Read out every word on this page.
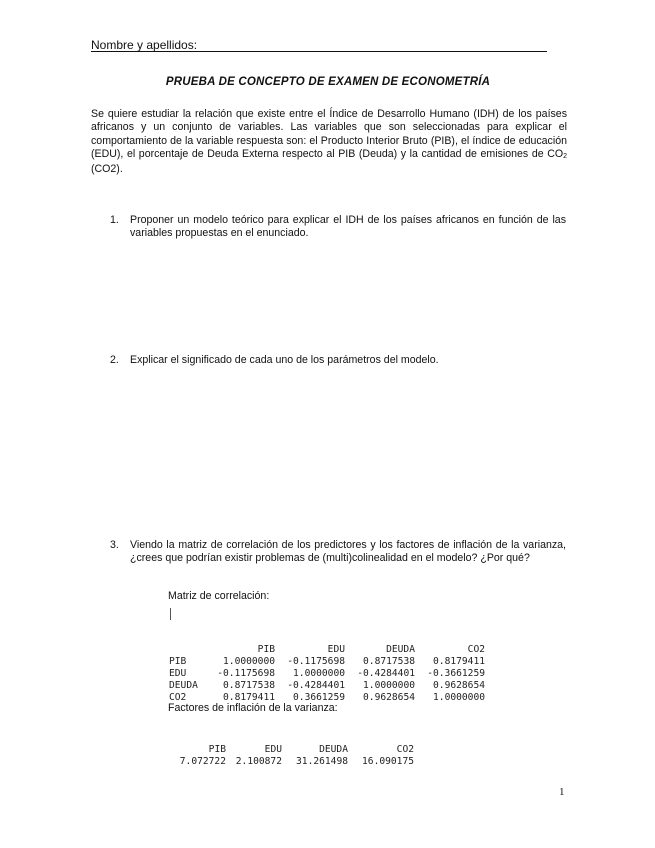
Nombre y apellidos:
PRUEBA DE CONCEPTO DE EXAMEN DE ECONOMETRÍA
Se quiere estudiar la relación que existe entre el Índice de Desarrollo Humano (IDH) de los países africanos y un conjunto de variables. Las variables que son seleccionadas para explicar el comportamiento de la variable respuesta son: el Producto Interior Bruto (PIB), el índice de educación (EDU), el porcentaje de Deuda Externa respecto al PIB (Deuda) y la cantidad de emisiones de $CO_2$ (CO2).
1. Proponer un modelo teórico para explicar el IDH de los países africanos en función de las variables propuestas en el enunciado.
2. Explicar el significado de cada uno de los parámetros del modelo.
3. Viendo la matriz de correlación de los predictores y los factores de inflación de la varianza, ¿crees que podrían existir problemas de (multi)colinealidad en el modelo? ¿Por qué?
Matriz de correlación:

	PIB	EDU	DEUDA	CO2
PIB	1.0000000	-0.1175698	0.8717538	0.8179411
EDU	-0.1175698	1.0000000	-0.4284401	-0.3661259
DEUDA	0.8717538	-0.4284401	1.0000000	0.9628654
CO2	0.8179411	0.3661259	0.9628654	1.0000000

Factores de inflación de la varianza:

PIB	EDU	DEUDA	CO2
7.072722	2.100872	31.261498	16.090175

1
